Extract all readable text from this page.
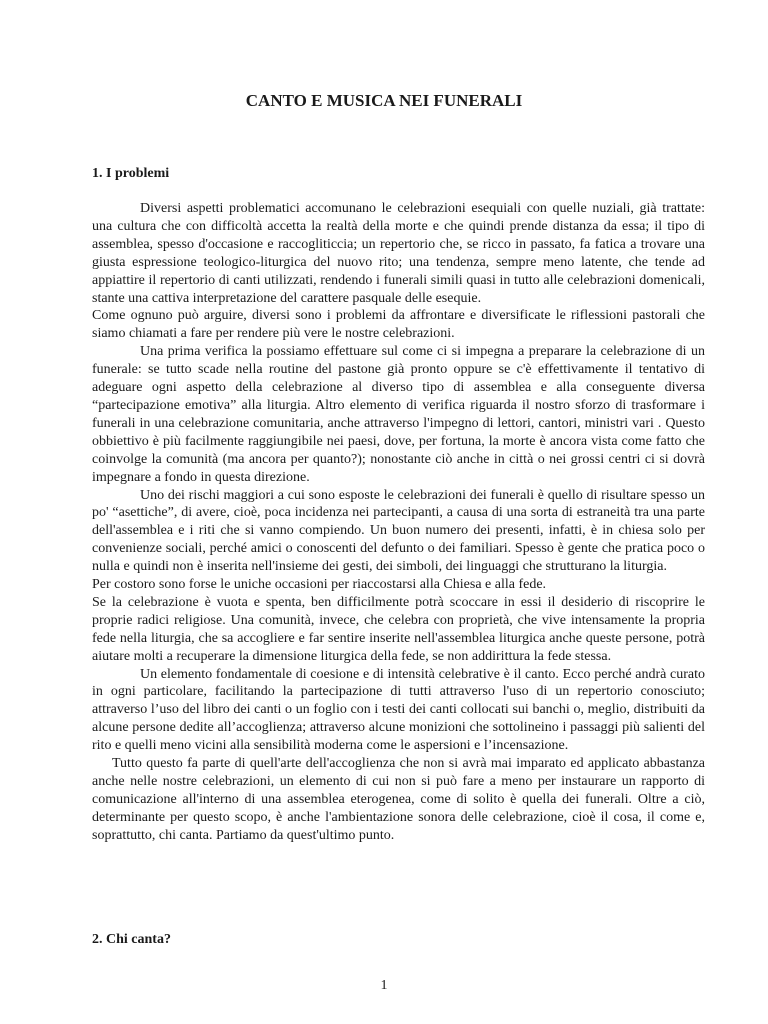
CANTO E MUSICA NEI FUNERALI
1. I problemi

Diversi aspetti problematici accomunano le celebrazioni esequiali con quelle nuziali, già trattate: una cultura che con difficoltà accetta la realtà della morte e che quindi prende distanza da essa; il tipo di assemblea, spesso d'occasione e raccogliticcia; un repertorio che, se ricco in passato, fa fatica a trovare una giusta espressione teologico-liturgica del nuovo rito; una tendenza, sempre meno latente, che tende ad appiattire il repertorio di canti utilizzati, rendendo i funerali simili quasi in tutto alle celebrazioni domenicali, stante una cattiva interpretazione del carattere pasquale delle esequie.

Come ognuno può arguire, diversi sono i problemi da affrontare e diversificate le riflessioni pastorali che siamo chiamati a fare per rendere più vere le nostre celebrazioni.

Una prima verifica la possiamo effettuare sul come ci si impegna a preparare la celebrazione di un funerale: se tutto scade nella routine del pastone già pronto oppure se c'è effettivamente il tentativo di adeguare ogni aspetto della celebrazione al diverso tipo di assemblea e alla conseguente diversa “partecipazione emotiva” alla liturgia. Altro elemento di verifica riguarda il nostro sforzo di trasformare i funerali in una celebrazione comunitaria, anche attraverso l'impegno di lettori, cantori, ministri vari . Questo obbiettivo è più facilmente raggiungibile nei paesi, dove, per fortuna, la morte è ancora vista come fatto che coinvolge la comunità (ma ancora per quanto?); nonostante ciò anche in città o nei grossi centri ci si dovrà impegnare a fondo in questa direzione.

Uno dei rischi maggiori a cui sono esposte le celebrazioni dei funerali è quello di risultare spesso un po' “asettiche”, di avere, cioè, poca incidenza nei partecipanti, a causa di una sorta di estraneità tra una parte dell'assemblea e i riti che si vanno compiendo. Un buon numero dei presenti, infatti, è in chiesa solo per convenienze sociali, perché amici o conoscenti del defunto o dei familiari. Spesso è gente che pratica poco o nulla e quindi non è inserita nell'insieme dei gesti, dei simboli, dei linguaggi che strutturano la liturgia.

Per costoro sono forse le uniche occasioni per riaccostarsi alla Chiesa e alla fede.

Se la celebrazione è vuota e spenta, ben difficilmente potrà scoccare in essi il desiderio di riscoprire le proprie radici religiose. Una comunità, invece, che celebra con proprietà, che vive intensamente la propria fede nella liturgia, che sa accogliere e far sentire inserite nell'assemblea liturgica anche queste persone, potrà aiutare molti a recuperare la dimensione liturgica della fede, se non addirittura la fede stessa.

Un elemento fondamentale di coesione e di intensità celebrative è il canto. Ecco perché andrà curato in ogni particolare, facilitando la partecipazione di tutti attraverso l'uso di un repertorio conosciuto; attraverso l’uso del libro dei canti o un foglio con i testi dei canti collocati sui banchi o, meglio, distribuiti da alcune persone dedite all’accoglienza; attraverso alcune monizioni che sottolineino i passaggi più salienti del rito e quelli meno vicini alla sensibilità moderna come le aspersioni e l’incensazione.

Tutto questo fa parte di quell'arte dell'accoglienza che non si avrà mai imparato ed applicato abbastanza anche nelle nostre celebrazioni, un elemento di cui non si può fare a meno per instaurare un rapporto di comunicazione all'interno di una assemblea eterogenea, come di solito è quella dei funerali. Oltre a ciò, determinante per questo scopo, è anche l'ambientazione sonora delle celebrazione, cioè il cosa, il come e, soprattutto, chi canta. Partiamo da quest'ultimo punto.

2. Chi canta?
1
